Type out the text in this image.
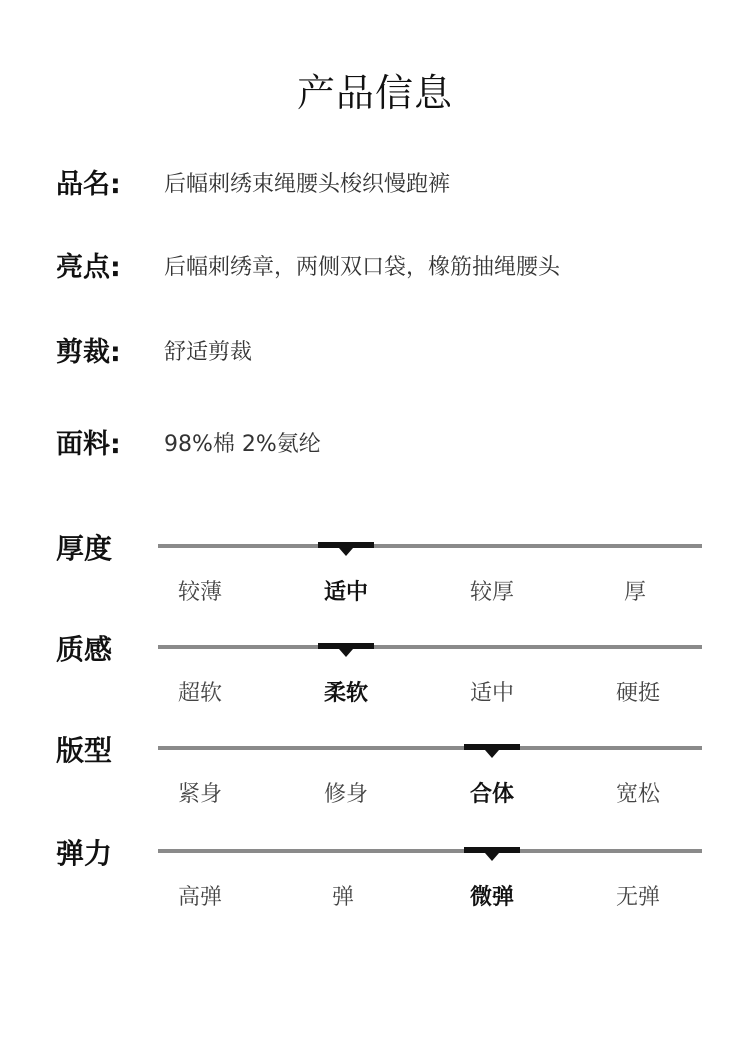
产品信息
品名: 后幅刺绣束绳腰头梭织慢跑裤
亮点: 后幅刺绣章，两侧双口袋，橡筋抽绳腰头
剪裁: 舒适剪裁
面料: 98%棉 2%氨纶
厚度
较薄	适中	较厚	厚
质感
超软	柔软	适中	硬挺
版型
紧身	修身	合体	宽松
弹力
高弹	弹	微弹	无弹
